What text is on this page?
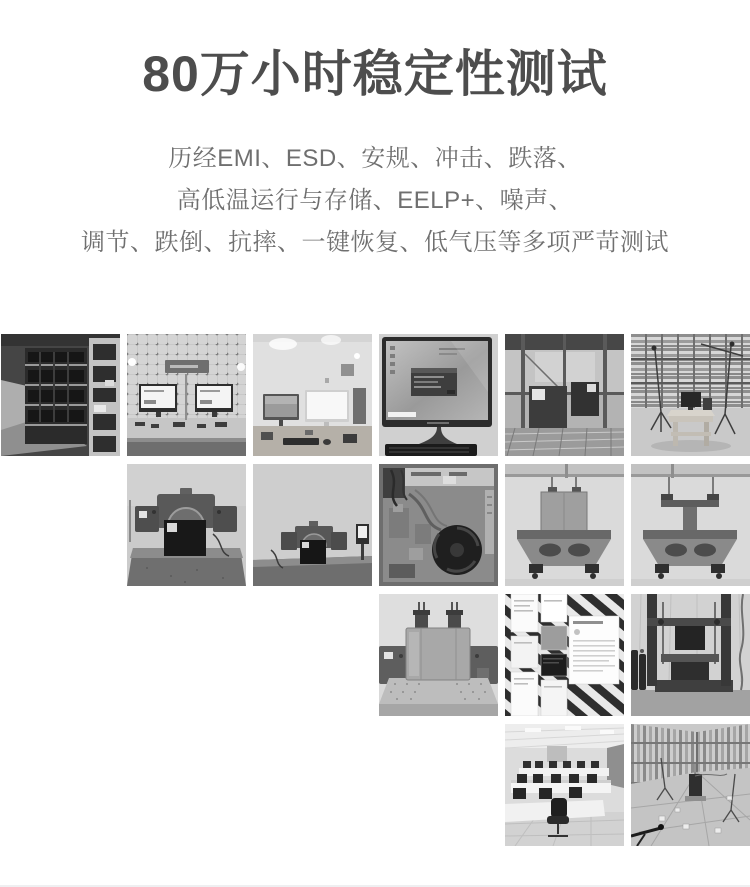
80万小时稳定性测试

历经EMI、ESD、安规、冲击、跌落、

高低温运行与存储、EELP+、噪声、

调节、跌倒、抗摔、一键恢复、低气压等多项严苛测试
